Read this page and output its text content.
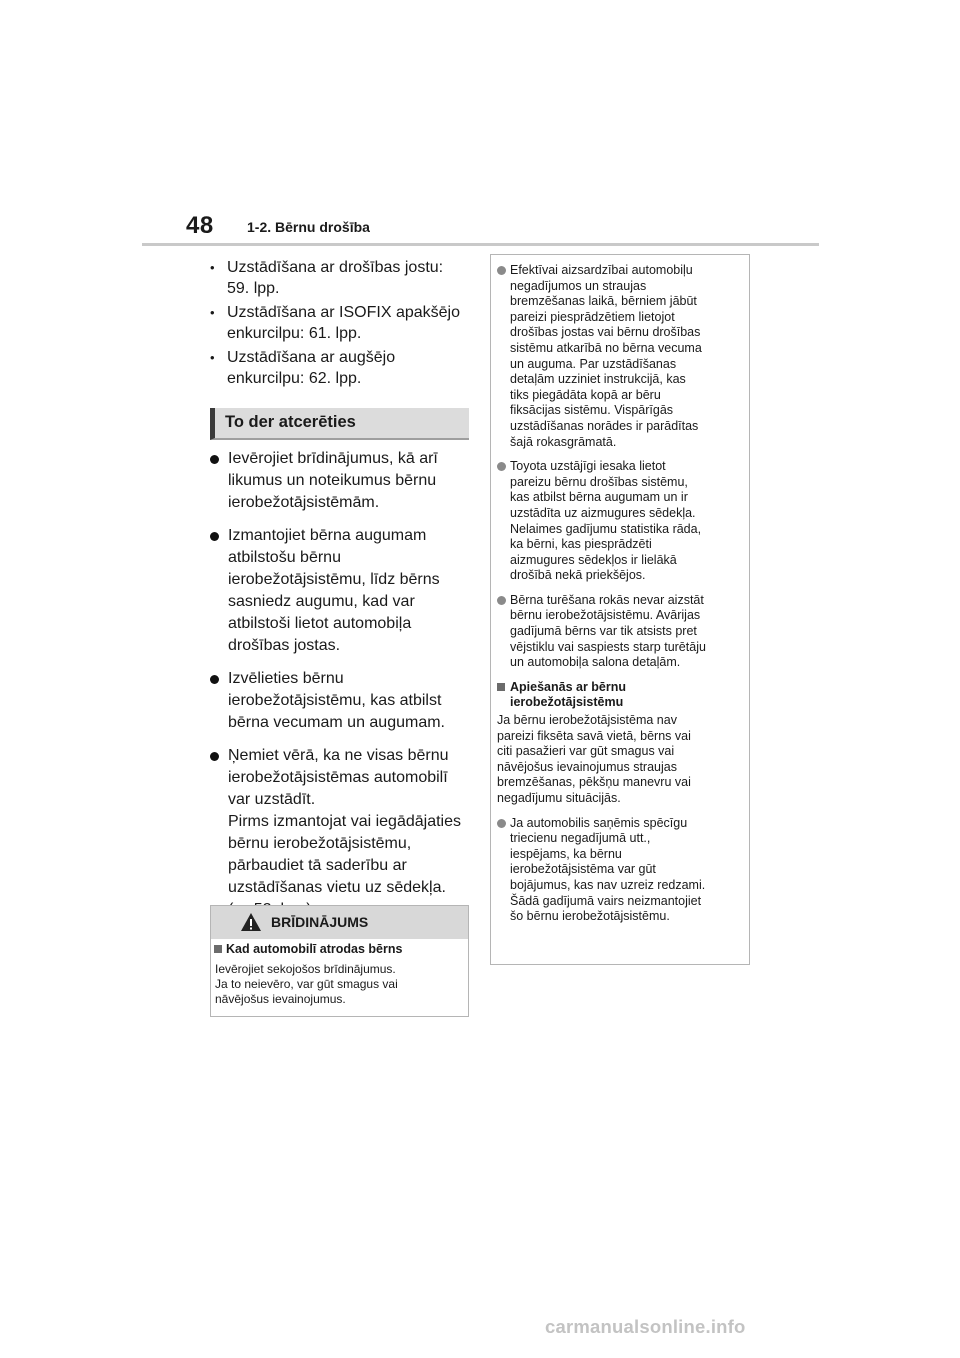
48 1-2. Bērnu drošība
• Uzstādīšana ar drošības jostu:
59. lpp.
• Uzstādīšana ar ISOFIX apakšējo
enkurcilpu: 61. lpp.
• Uzstādīšana ar augšējo
enkurcilpu: 62. lpp.
To der atcerēties
Ievērojiet brīdinājumus, kā arī
likumus un noteikumus bērnu
ierobežotājsistēmām.
Izmantojiet bērna augumam
atbilstošu bērnu
ierobežotājsistēmu, līdz bērns
sasniedz augumu, kad var
atbilstoši lietot automobiļa
drošības jostas.
Izvēlieties bērnu
ierobežotājsistēmu, kas atbilst
bērna vecumam un augumam.
Ņemiet vērā, ka ne visas bērnu
ierobežotājsistēmas automobilī
var uzstādīt.
Pirms izmantojat vai iegādājaties
bērnu ierobežotājsistēmu,
pārbaudiet tā saderību ar
uzstādīšanas vietu uz sēdekļa.
BRĪDINĀJUMS
Kad automobilī atrodas bērns
Ievērojiet sekojošos brīdinājumus.
Ja to neievēro, var gūt smagus vai
nāvējošus ievainojumus.
Efektīvai aizsardzībai automobiļu
negadījumos un straujas
bremzēšanas laikā, bērniem jābūt
pareizi piesprādzētiem lietojot
drošības jostas vai bērnu drošības
sistēmu atkarībā no bērna vecuma
un auguma. Par uzstādīšanas
detaļām uzziniet instrukcijā, kas
tiks piegādāta kopā ar bēru
fiksācijas sistēmu. Vispārīgās
uzstādīšanas norādes ir parādītas
šajā rokasgrāmatā.
Toyota uzstājīgi iesaka lietot
pareizu bērnu drošības sistēmu,
kas atbilst bērna augumam un ir
uzstādīta uz aizmugures sēdekļa.
Nelaimes gadījumu statistika rāda,
ka bērni, kas piesprādzēti
aizmugures sēdekļos ir lielākā
drošībā nekā priekšējos.
Bērna turēšana rokās nevar aizstāt
bērnu ierobežotājsistēmu. Avārijas
gadījumā bērns var tik atsists pret
vējstiklu vai saspiests starp turētāju
un automobiļa salona detaļām.
Apiešanās ar bērnu
ierobežotājsistēmu
Ja bērnu ierobežotājsistēma nav
pareizi fiksēta savā vietā, bērns vai
citi pasažieri var gūt smagus vai
nāvējošus ievainojumus straujas
bremzēšanas, pēkšņu manevru vai
negadījumu situācijās.
Ja automobilis saņēmis spēcīgu
triecienu negadījumā utt.,
iespējams, ka bērnu
ierobežotājsistēma var gūt
bojājumus, kas nav uzreiz redzami.
Šādā gadījumā vairs neizmantojiet
šo bērnu ierobežotājsistēmu.
carmanualsonline.info
